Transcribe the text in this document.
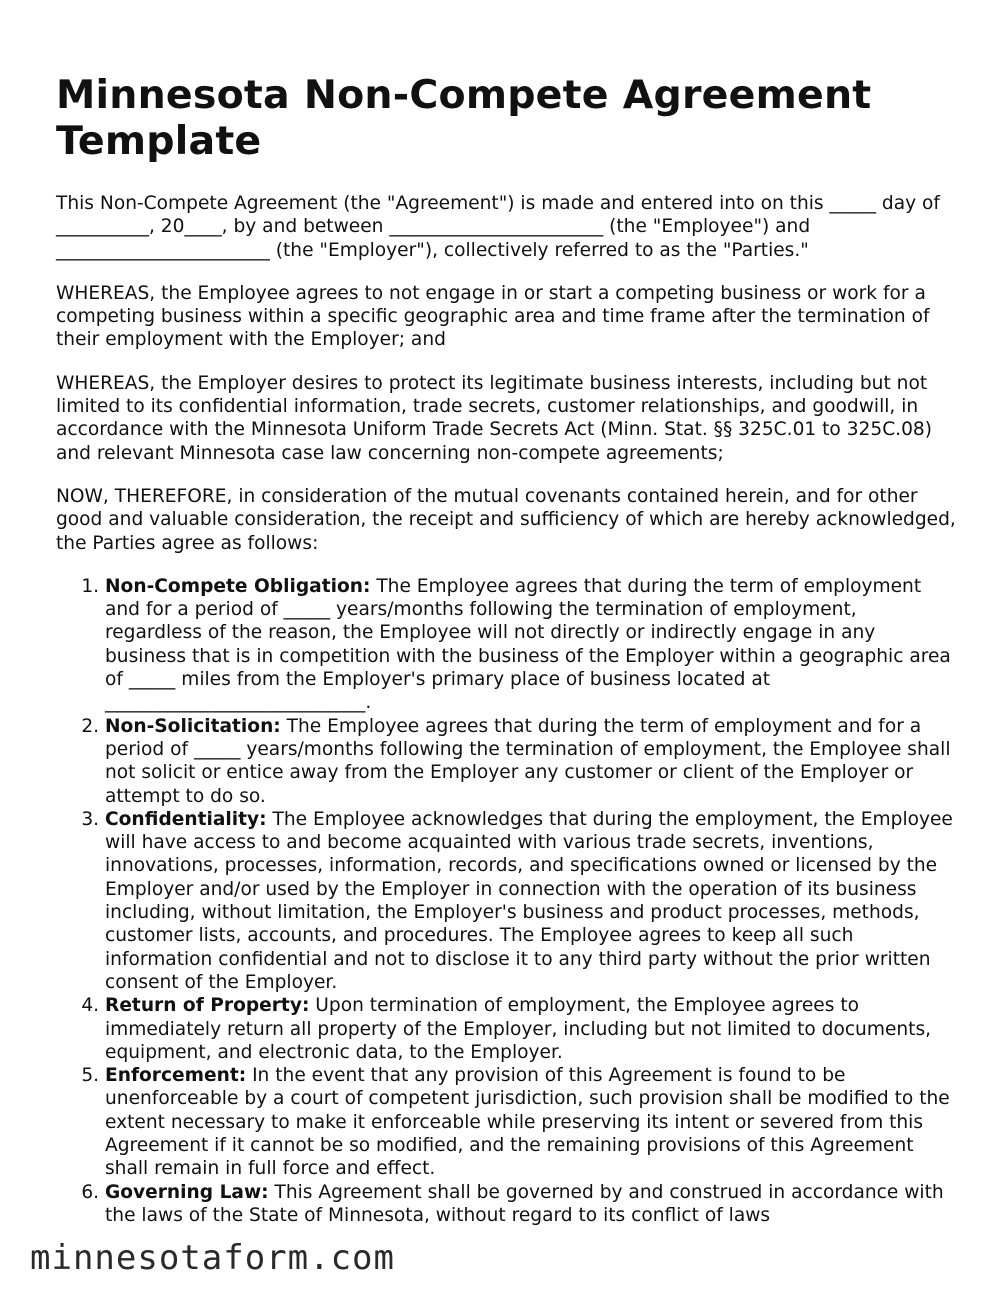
Minnesota Non-Compete Agreement Template

This Non-Compete Agreement (the "Agreement") is made and entered into on this _____ day of __________, 20____, by and between _______________________ (the "Employee") and _______________________ (the "Employer"), collectively referred to as the "Parties."

WHEREAS, the Employee agrees to not engage in or start a competing business or work for a competing business within a specific geographic area and time frame after the termination of their employment with the Employer; and

WHEREAS, the Employer desires to protect its legitimate business interests, including but not limited to its confidential information, trade secrets, customer relationships, and goodwill, in accordance with the Minnesota Uniform Trade Secrets Act (Minn. Stat. §§ 325C.01 to 325C.08) and relevant Minnesota case law concerning non-compete agreements;

NOW, THEREFORE, in consideration of the mutual covenants contained herein, and for other good and valuable consideration, the receipt and sufficiency of which are hereby acknowledged, the Parties agree as follows:

1. Non-Compete Obligation: The Employee agrees that during the term of employment and for a period of _____ years/months following the termination of employment, regardless of the reason, the Employee will not directly or indirectly engage in any business that is in competition with the business of the Employer within a geographic area of _____ miles from the Employer's primary place of business located at ____________________________.
2. Non-Solicitation: The Employee agrees that during the term of employment and for a period of _____ years/months following the termination of employment, the Employee shall not solicit or entice away from the Employer any customer or client of the Employer or attempt to do so.
3. Confidentiality: The Employee acknowledges that during the employment, the Employee will have access to and become acquainted with various trade secrets, inventions, innovations, processes, information, records, and specifications owned or licensed by the Employer and/or used by the Employer in connection with the operation of its business including, without limitation, the Employer's business and product processes, methods, customer lists, accounts, and procedures. The Employee agrees to keep all such information confidential and not to disclose it to any third party without the prior written consent of the Employer.
4. Return of Property: Upon termination of employment, the Employee agrees to immediately return all property of the Employer, including but not limited to documents, equipment, and electronic data, to the Employer.
5. Enforcement: In the event that any provision of this Agreement is found to be unenforceable by a court of competent jurisdiction, such provision shall be modified to the extent necessary to make it enforceable while preserving its intent or severed from this Agreement if it cannot be so modified, and the remaining provisions of this Agreement shall remain in full force and effect.
6. Governing Law: This Agreement shall be governed by and construed in accordance with the laws of the State of Minnesota, without regard to its conflict of laws
minnesotaform.com
